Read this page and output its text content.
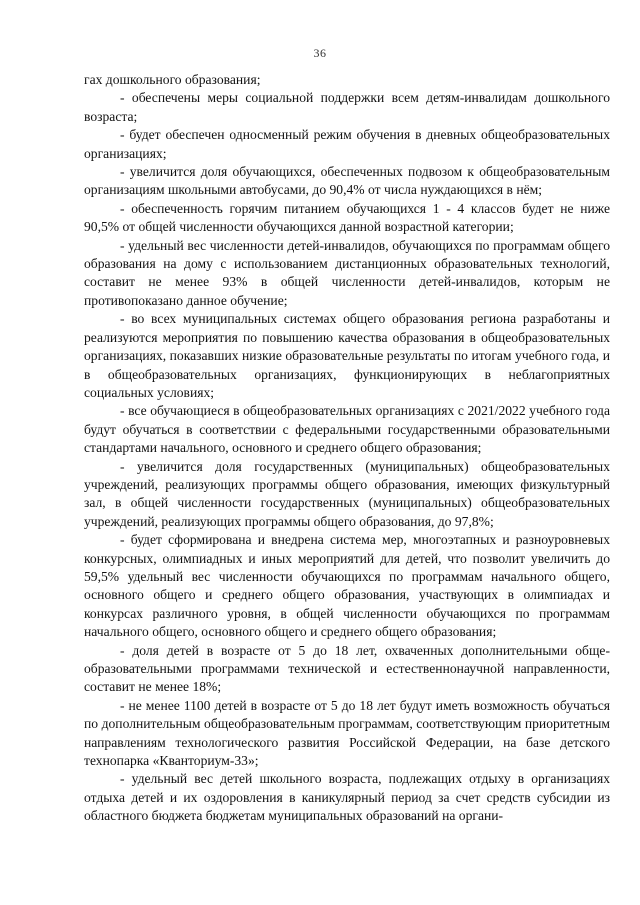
36

гах дошкольного образования;

- обеспечены меры социальной поддержки всем детям-инвалидам дошкольного возраста;

- будет обеспечен односменный режим обучения в дневных общеобразовательных организациях;

- увеличится доля обучающихся, обеспеченных подвозом к общеобразовательным организациям школьными автобусами, до 90,4% от числа нуждающихся в нём;

- обеспеченность горячим питанием обучающихся 1 - 4 классов будет не ниже 90,5% от общей численности обучающихся данной возрастной категории;

- удельный вес численности детей-инвалидов, обучающихся по программам общего образования на дому с использованием дистанционных образовательных технологий, составит не менее 93% в общей численности детей-инвалидов, которым не противопоказано данное обучение;

- во всех муниципальных системах общего образования региона разработаны и реализуются мероприятия по повышению качества образования в общеобразовательных организациях, показавших низкие образовательные результаты по итогам учебного года, и в общеобразовательных организациях, функционирующих в неблагоприятных социальных условиях;

- все обучающиеся в общеобразовательных организациях с 2021/2022 учебного года будут обучаться в соответствии с федеральными государственными образовательными стандартами начального, основного и среднего общего образования;

- увеличится доля государственных (муниципальных) общеобразовательных учреждений, реализующих программы общего образования, имеющих физкультурный зал, в общей численности государственных (муниципальных) общеобразовательных учреждений, реализующих программы общего образования, до 97,8%;

- будет сформирована и внедрена система мер, многоэтапных и разноуровневых конкурсных, олимпиадных и иных мероприятий для детей, что позволит увеличить до 59,5% удельный вес численности обучающихся по программам начального общего, основного общего и среднего общего образования, участвующих в олимпиадах и конкурсах различного уровня, в общей численности обучающихся по программам начального общего, основного общего и среднего общего образования;

- доля детей в возрасте от 5 до 18 лет, охваченных дополнительными общеобразовательными программами технической и естественнонаучной направленности, составит не менее 18%;

- не менее 1100 детей в возрасте от 5 до 18 лет будут иметь возможность обучаться по дополнительным общеобразовательным программам, соответствующим приоритетным направлениям технологического развития Российской Федерации, на базе детского технопарка «Кванториум-33»;

- удельный вес детей школьного возраста, подлежащих отдыху в организациях отдыха детей и их оздоровления в каникулярный период за счет средств субсидии из областного бюджета бюджетам муниципальных образований на органи-
